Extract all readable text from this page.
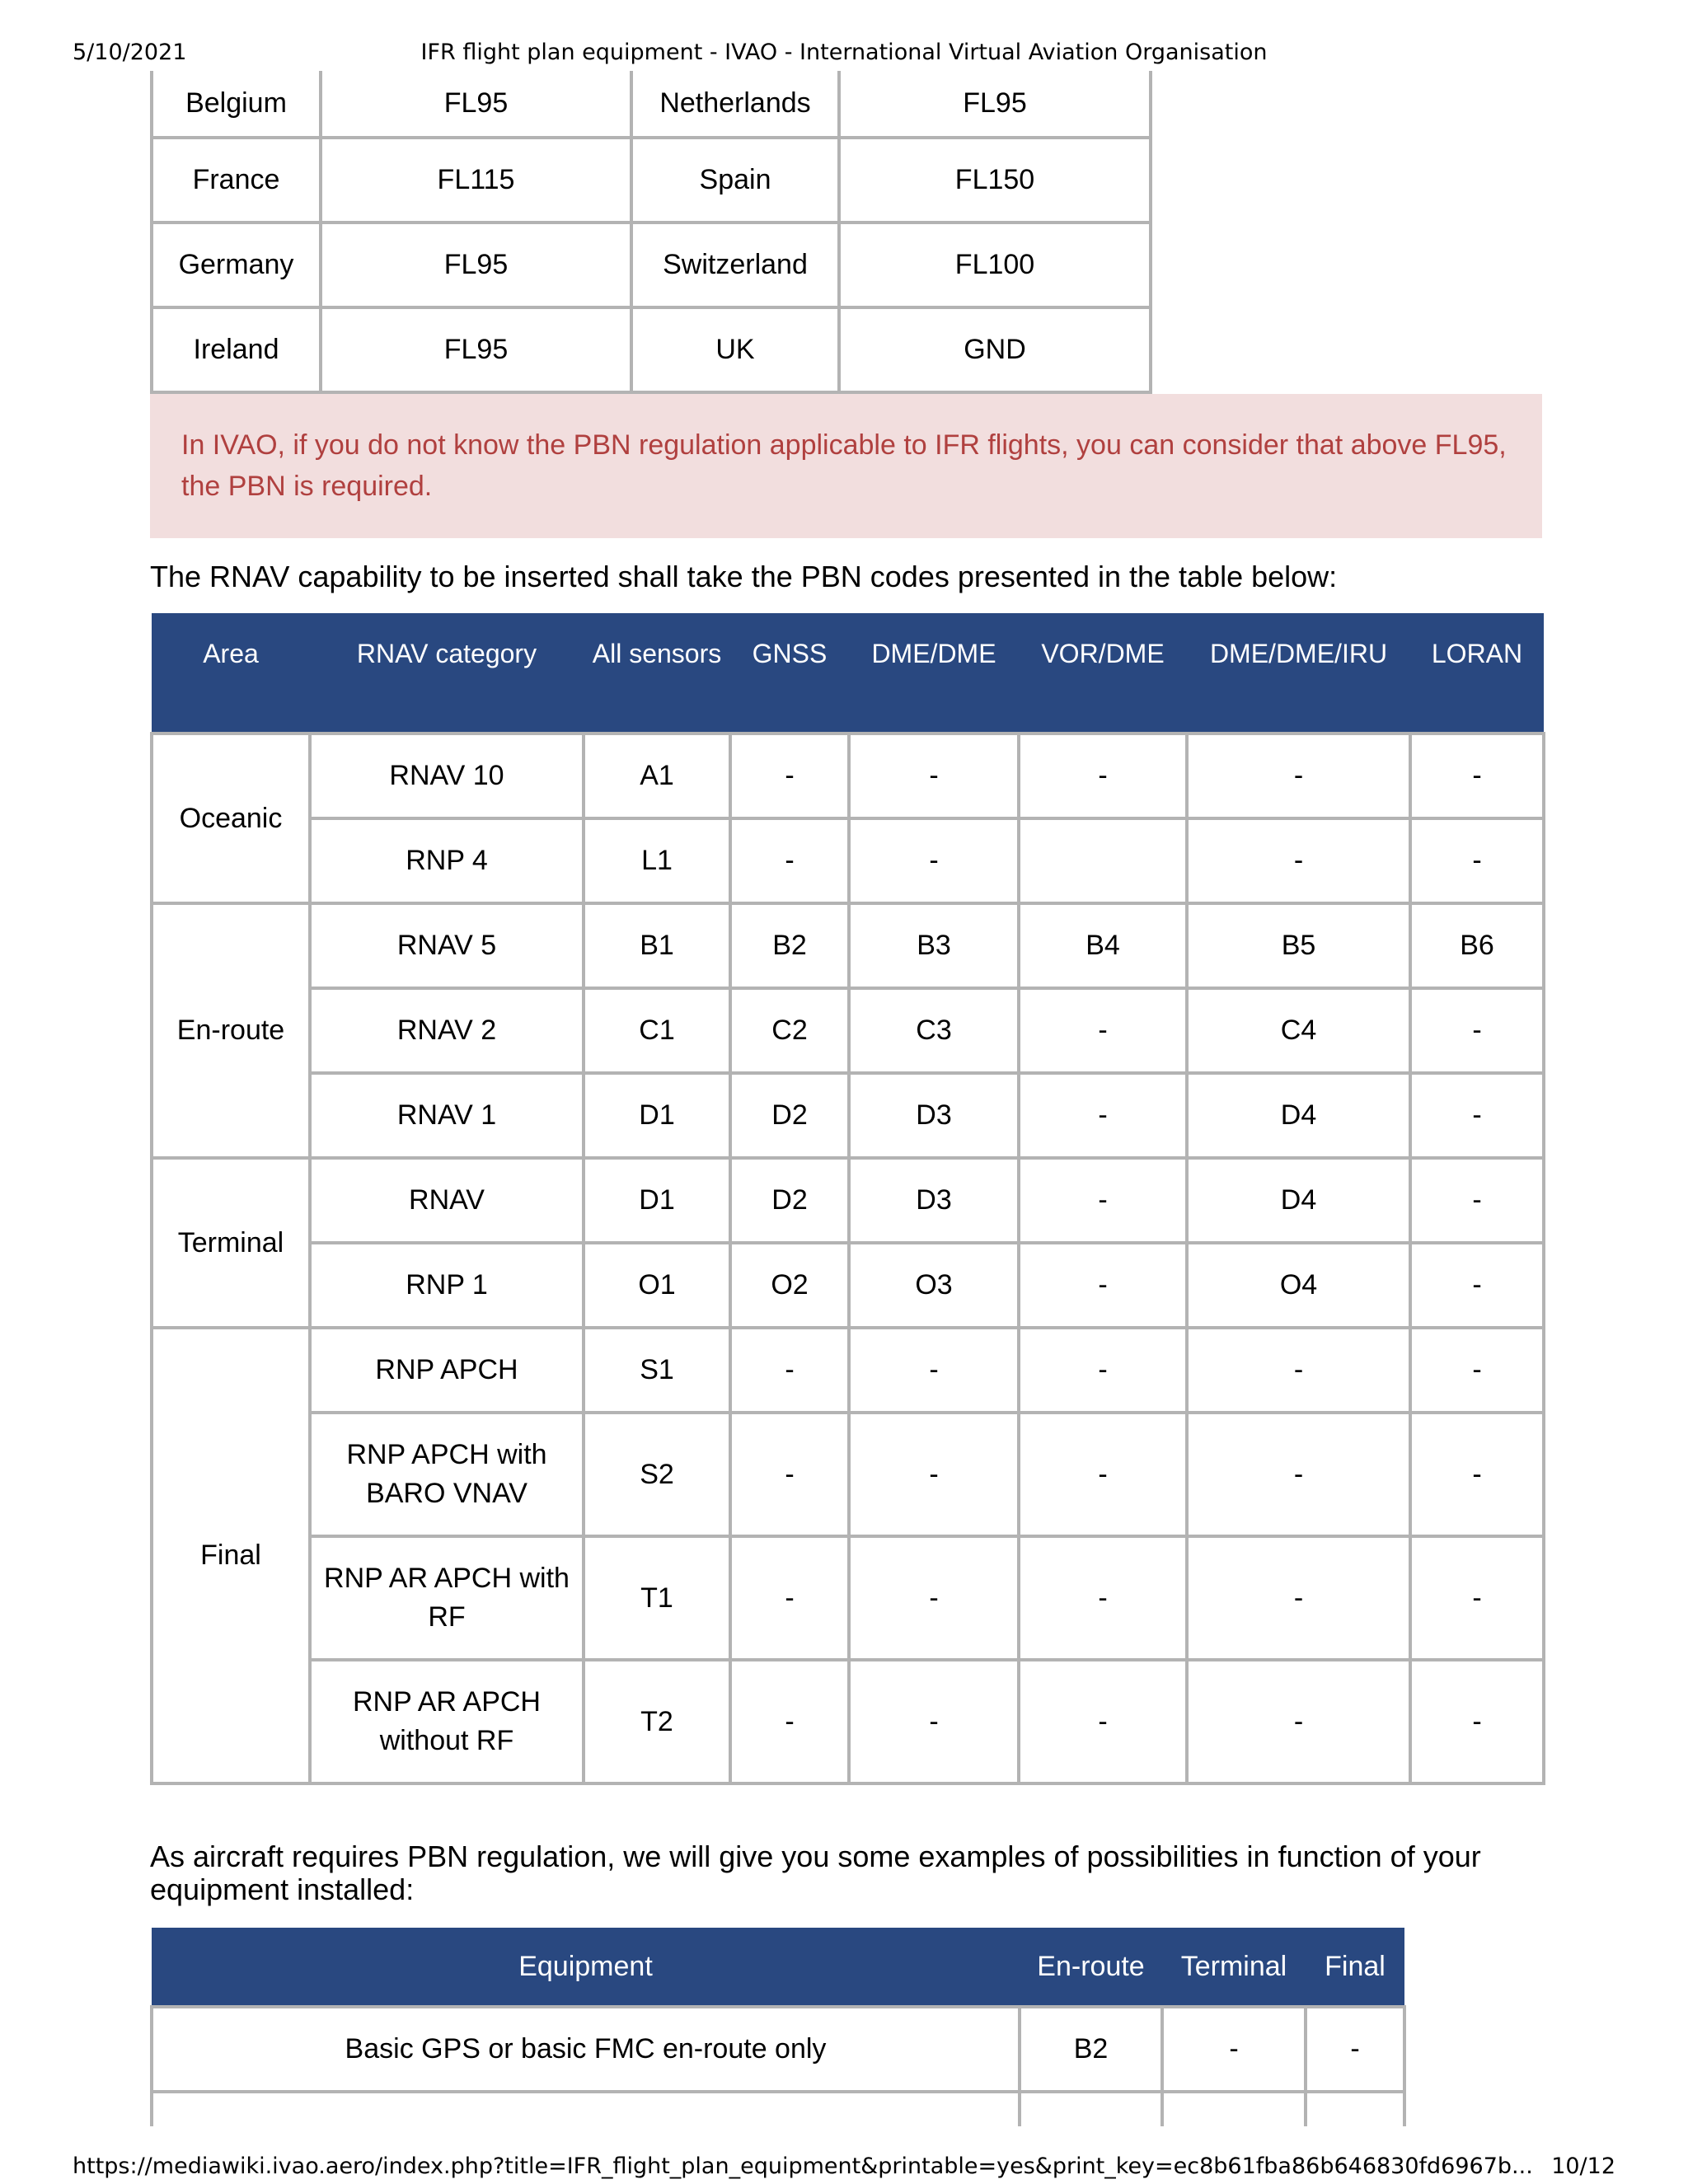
5/10/2021	IFR flight plan equipment - IVAO - International Virtual Aviation Organisation
Belgium	FL95	Netherlands	FL95
France	FL115	Spain	FL150
Germany	FL95	Switzerland	FL100
Ireland	FL95	UK	GND
In IVAO, if you do not know the PBN regulation applicable to IFR flights, you can consider that above FL95, the PBN is required.
The RNAV capability to be inserted shall take the PBN codes presented in the table below:
Area	RNAV category	All sensors	GNSS	DME/DME	VOR/DME	DME/DME/IRU	LORAN
Oceanic	RNAV 10	A1	-	-	-	-	-
	RNP 4	L1	-	-		-	-
En-route	RNAV 5	B1	B2	B3	B4	B5	B6
	RNAV 2	C1	C2	C3	-	C4	-
	RNAV 1	D1	D2	D3	-	D4	-
Terminal	RNAV	D1	D2	D3	-	D4	-
	RNP 1	O1	O2	O3	-	O4	-
Final	RNP APCH	S1	-	-	-	-	-
	RNP APCH with BARO VNAV	S2	-	-	-	-	-
	RNP AR APCH with RF	T1	-	-	-	-	-
	RNP AR APCH without RF	T2	-	-	-	-	-
As aircraft requires PBN regulation, we will give you some examples of possibilities in function of your equipment installed:
Equipment	En-route	Terminal	Final
Basic GPS or basic FMC en-route only	B2	-	-

https://mediawiki.ivao.aero/index.php?title=IFR_flight_plan_equipment&printable=yes&print_key=ec8b61fba86b646830fd6967b... 10/12
